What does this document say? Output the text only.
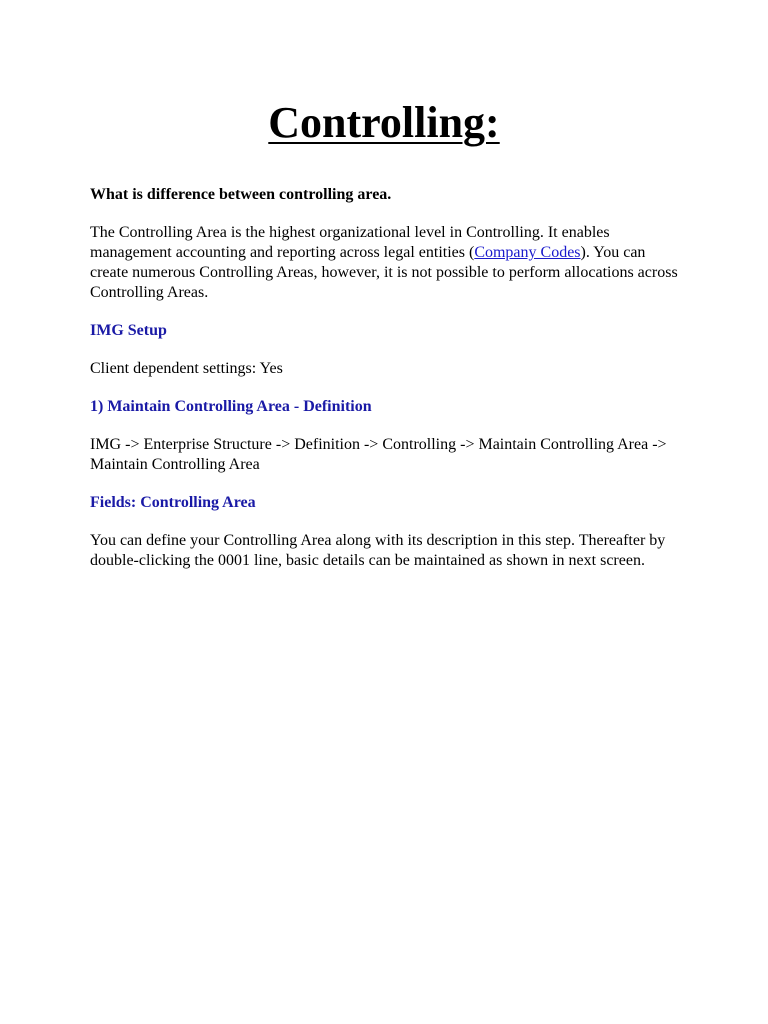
Controlling:

What is difference between controlling area.

The Controlling Area is the highest organizational level in Controlling. It enables management accounting and reporting across legal entities (Company Codes). You can create numerous Controlling Areas, however, it is not possible to perform allocations across Controlling Areas.

IMG Setup

Client dependent settings: Yes

1) Maintain Controlling Area - Definition

IMG -> Enterprise Structure -> Definition -> Controlling -> Maintain Controlling Area -> Maintain Controlling Area

Fields: Controlling Area

You can define your Controlling Area along with its description in this step. Thereafter by double-clicking the 0001 line, basic details can be maintained as shown in next screen.
